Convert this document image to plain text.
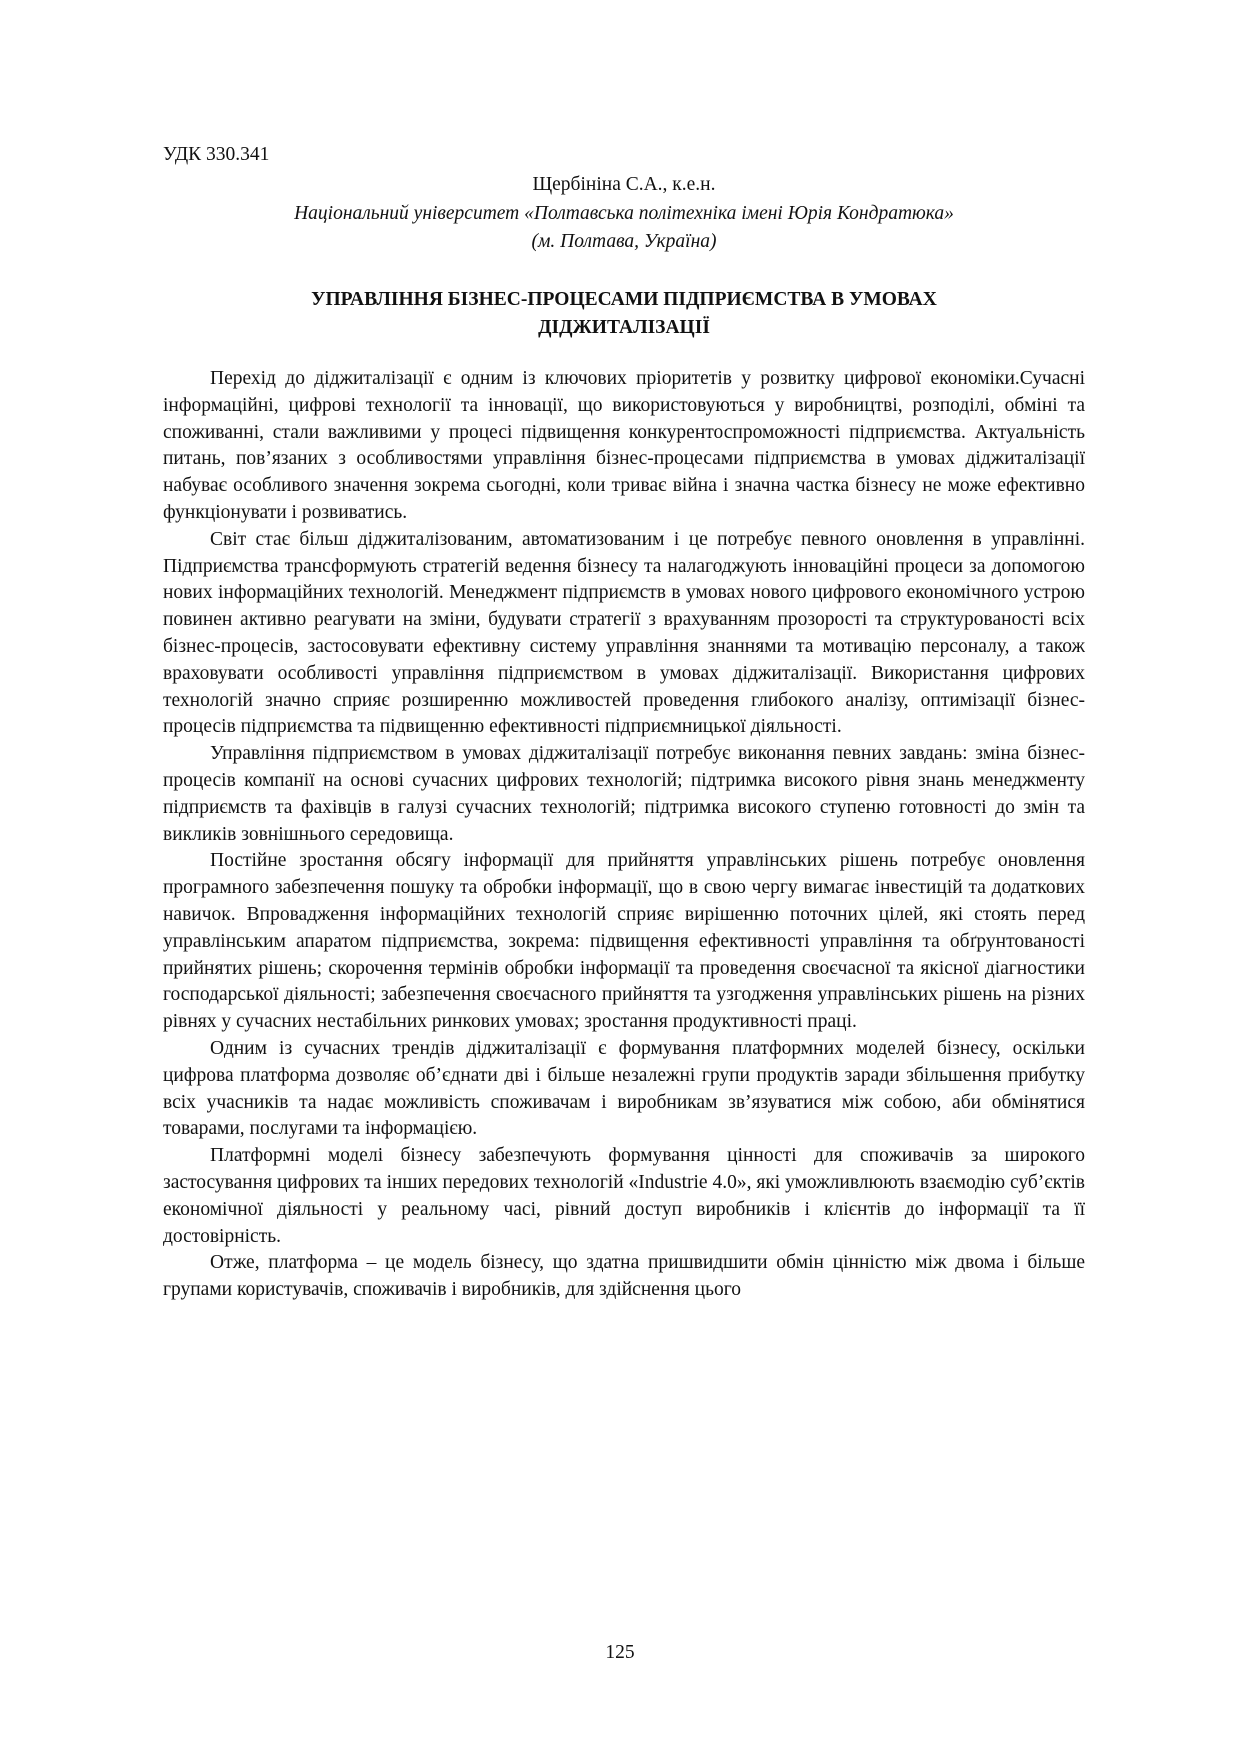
УДК 330.341

Щербініна С.А., к.е.н.

Національний університет «Полтавська політехніка імені Юрія Кондратюка»

(м. Полтава, Україна)

УПРАВЛІННЯ БІЗНЕС-ПРОЦЕСАМИ ПІДПРИЄМСТВА В УМОВАХ
ДІДЖИТАЛІЗАЦІЇ

Перехід до діджиталізації є одним із ключових пріоритетів у розвитку цифрової економіки.Сучасні інформаційні, цифрові технології та інновації, що використовуються у виробництві, розподілі, обміні та споживанні, стали важливими у процесі підвищення конкурентоспроможності підприємства. Актуальність питань, пов’язаних з особливостями управління бізнес-процесами підприємства в умовах діджиталізації набуває особливого значення зокрема сьогодні, коли триває війна і значна частка бізнесу не може ефективно функціонувати і розвиватись.

Світ стає більш діджиталізованим, автоматизованим і це потребує певного оновлення в управлінні. Підприємства трансформують стратегій ведення бізнесу та налагоджують інноваційні процеси за допомогою нових інформаційних технологій. Менеджмент підприємств в умовах нового цифрового економічного устрою повинен активно реагувати на зміни, будувати стратегії з врахуванням прозорості та структурованості всіх бізнес-процесів, застосовувати ефективну систему управління знаннями та мотивацію персоналу, а також враховувати особливості управління підприємством в умовах діджиталізації. Використання цифрових технологій значно сприяє розширенню можливостей проведення глибокого аналізу, оптимізації бізнес-процесів підприємства та підвищенню ефективності підприємницької діяльності.

Управління підприємством в умовах діджиталізації потребує виконання певних завдань: зміна бізнес-процесів компанії на основі сучасних цифрових технологій; підтримка високого рівня знань менеджменту підприємств та фахівців в галузі сучасних технологій; підтримка високого ступеню готовності до змін та викликів зовнішнього середовища.

Постійне зростання обсягу інформації для прийняття управлінських рішень потребує оновлення програмного забезпечення пошуку та обробки інформації, що в свою чергу вимагає інвестицій та додаткових навичок. Впровадження інформаційних технологій сприяє вирішенню поточних цілей, які стоять перед управлінським апаратом підприємства, зокрема: підвищення ефективності управління та обґрунтованості прийнятих рішень; скорочення термінів обробки інформації та проведення своєчасної та якісної діагностики господарської діяльності; забезпечення своєчасного прийняття та узгодження управлінських рішень на різних рівнях у сучасних нестабільних ринкових умовах; зростання продуктивності праці.

Одним із сучасних трендів діджиталізації є формування платформних моделей бізнесу, оскільки цифрова платформа дозволяє об’єднати дві і більше незалежні групи продуктів заради збільшення прибутку всіх учасників та надає можливість споживачам і виробникам зв’язуватися між собою, аби обмінятися товарами, послугами та інформацією.

Платформні моделі бізнесу забезпечують формування цінності для споживачів за широкого застосування цифрових та інших передових технологій «Industrie 4.0», які уможливлюють взаємодію суб’єктів економічної діяльності у реальному часі, рівний доступ виробників і клієнтів до інформації та її достовірність.

Отже, платформа – це модель бізнесу, що здатна пришвидшити обмін цінністю між двома і більше групами користувачів, споживачів і виробників, для здійснення цього

125
